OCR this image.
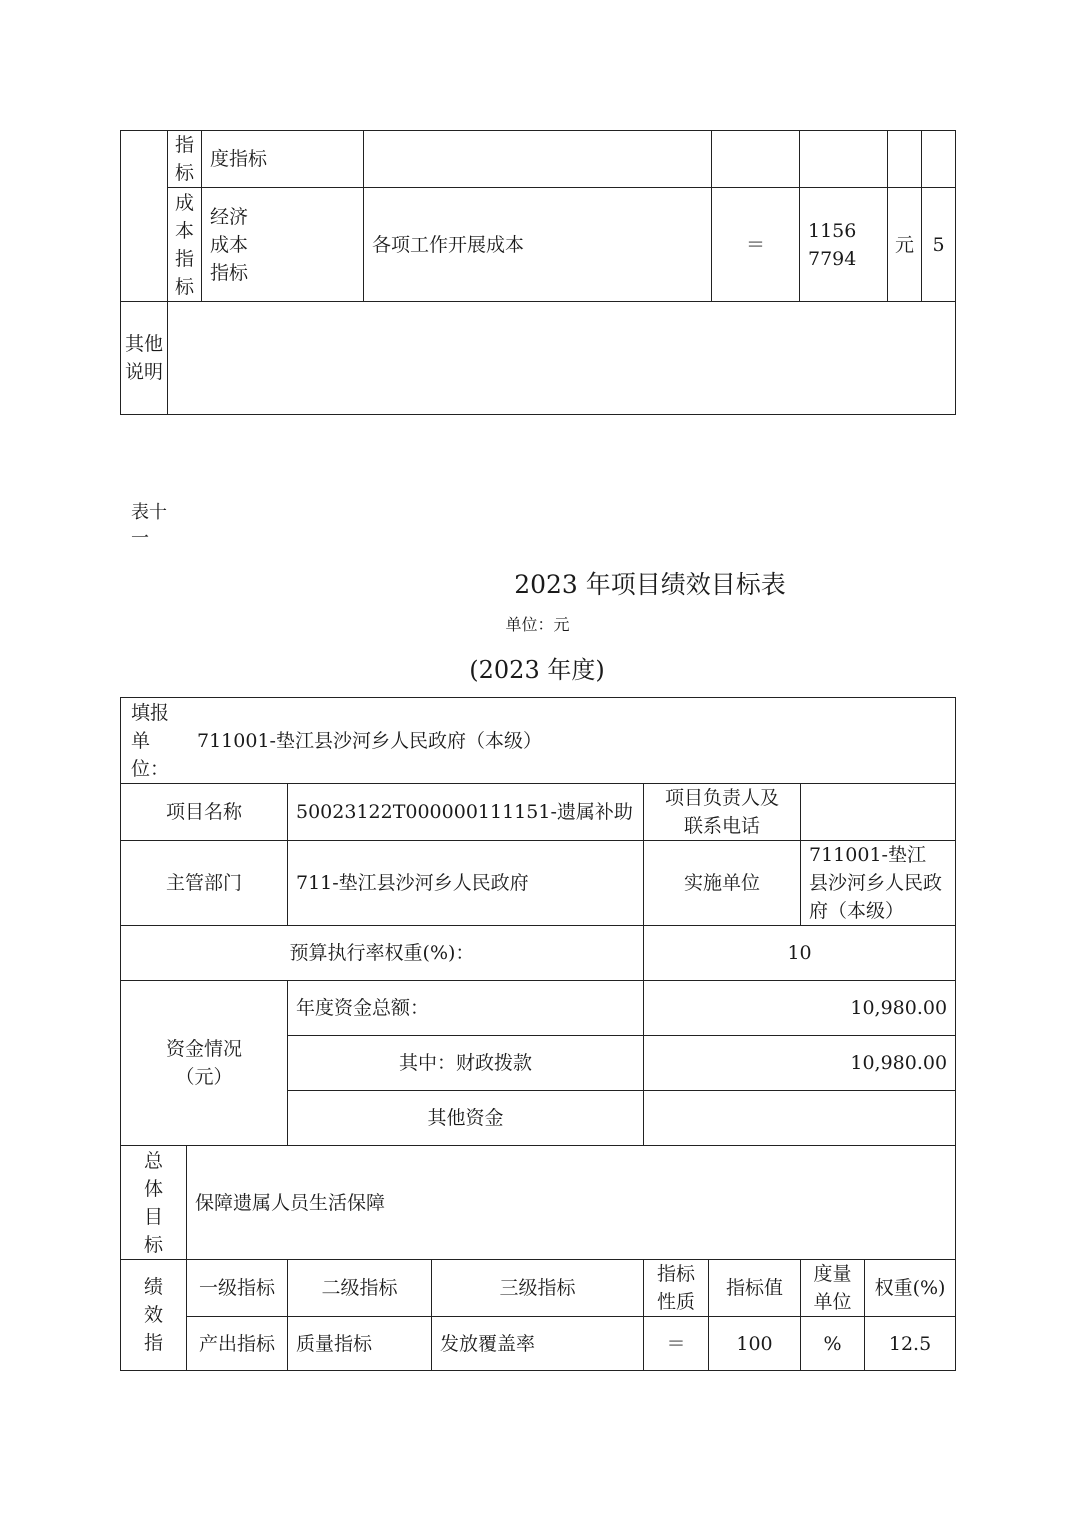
	指标	度指标					
	成本指标	经济成本指标	各项工作开展成本	＝	11567794	元	5
其他说明							
表十一
2023 年项目绩效目标表
单位：元
(2023 年度)
填报单位：
711001-垫江县沙河乡人民政府（本级）							

项目名称		50023122T000000111151-遗属补助		项目负责人及联系电话			

主管部门		711-垫江县沙河乡人民政府		实施单位		711001-垫江县沙河乡人民政府（本级）	

预算执行率权重(%)：				10			

资金情况（元）		年度资金总额：		10,980.00			
		其中：财政拨款		10,980.00			
		其他资金					

总体目标	保障遗属人员生活保障						

绩效指	一级指标	二级指标	三级指标	指标性质	指标值	度量单位	权重(%)
	产出指标	质量指标	发放覆盖率	＝	100	%	12.5
